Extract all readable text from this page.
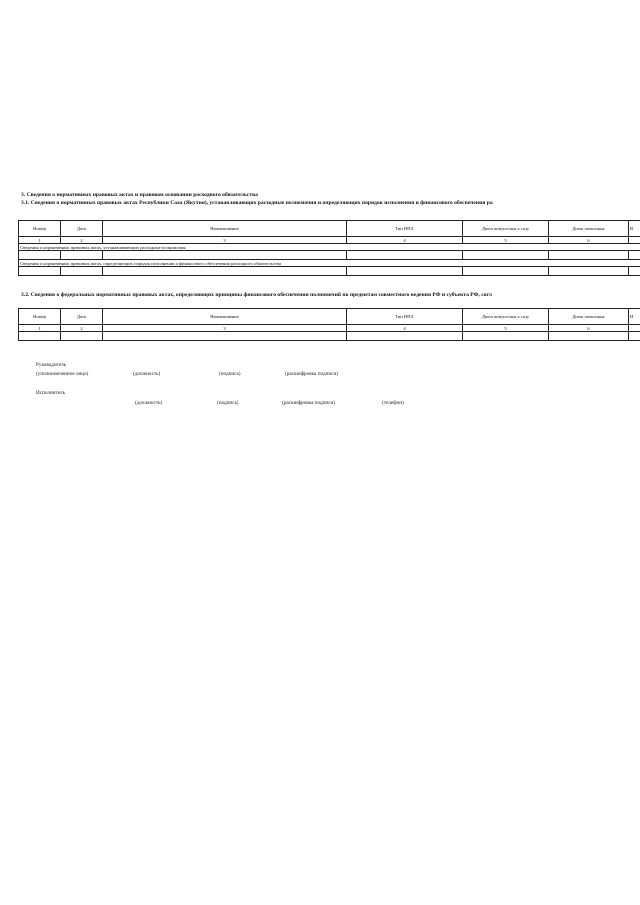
3. Сведения о нормативных правовых актах и правовом основании расходного обязательства
3.1. Сведения о нормативных правовых актах Республики Саха (Якутия), устанавливающих расходные полномочия и определяющих порядок исполнения и финансового обеспечения ра
Номер	Дата	Наименование	Тип НПА	Дата вступления в силу	Дата окончания	В
1	2	3	4	5	6	
Сведения о нормативных правовых актах, устанавливающих расходные полномочия						

Сведения о нормативных правовых актах, определяющих порядок исполнения и финансового обеспечения расходного обязательства						

3.2. Сведения о федеральных нормативных правовых актах, определяющих принципы финансового обеспечения полномочий по предметам совместного ведения РФ и субъекта РФ, согл
Номер	Дата	Наименование	Тип НПА	Дата вступления в силу	Дата окончания	И
1	2	3	4	5	6	

Руководитель
(уполномоченное лицо)	(должность)	(подпись)	(расшифровка подписи)
Исполнитель
(должность)	(подпись)	(расшифровка подписи)	(телефон)
